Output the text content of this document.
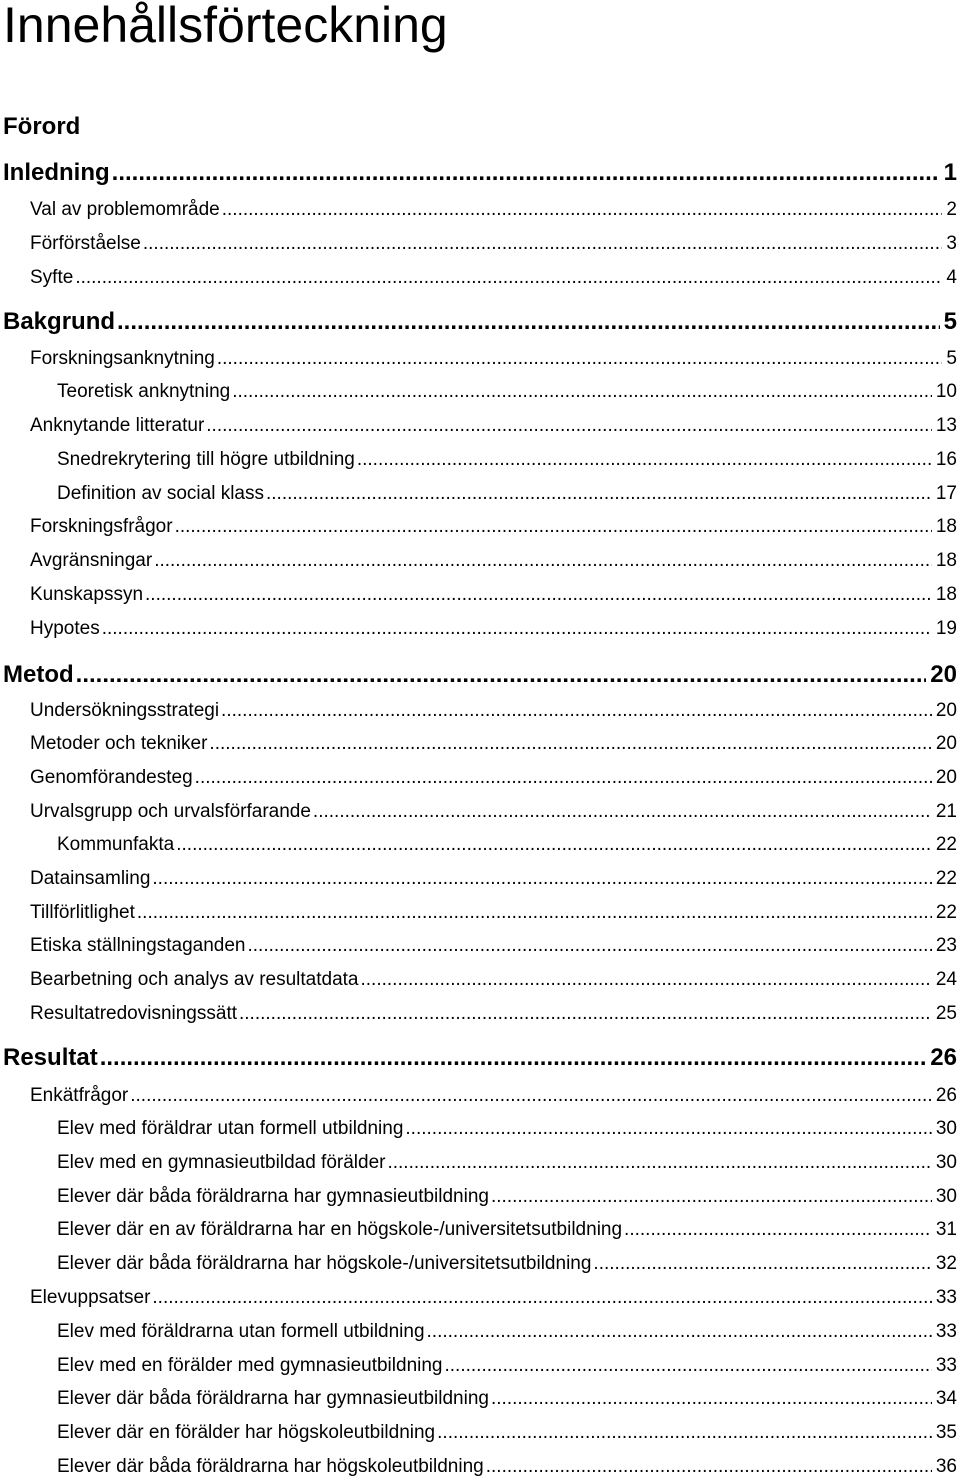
Innehållsförteckning
Förord
Inledning .....	1
Val av problemområde .....	2
Förförståelse .....	3
Syfte .....	4
Bakgrund .....	5
Forskningsanknytning .....	5
Teoretisk anknytning .....	10
Anknytande litteratur .....	13
Snedrekrytering till högre utbildning .....	16
Definition av social klass .....	17
Forskningsfrågor .....	18
Avgränsningar .....	18
Kunskapssyn .....	18
Hypotes .....	19
Metod .....	20
Undersökningsstrategi .....	20
Metoder och tekniker .....	20
Genomförandesteg .....	20
Urvalsgrupp och urvalsförfarande .....	21
Kommunfakta .....	22
Datainsamling .....	22
Tillförlitlighet .....	22
Etiska ställningstaganden .....	23
Bearbetning och analys av resultatdata .....	24
Resultatredovisningssätt .....	25
Resultat .....	26
Enkätfrågor .....	26
Elev med föräldrar utan formell utbildning .....	30
Elev med en gymnasieutbildad förälder .....	30
Elever där båda föräldrarna har gymnasieutbildning .....	30
Elever där en av föräldrarna har en högskole-/universitetsutbildning .....	31
Elever där båda föräldrarna har högskole-/universitetsutbildning .....	32
Elevuppsatser .....	33
Elev med föräldrarna utan formell utbildning .....	33
Elev med en förälder med gymnasieutbildning .....	33
Elever där båda föräldrarna har gymnasieutbildning .....	34
Elever där en förälder har högskoleutbildning .....	35
Elever där båda föräldrarna har högskoleutbildning .....	36
